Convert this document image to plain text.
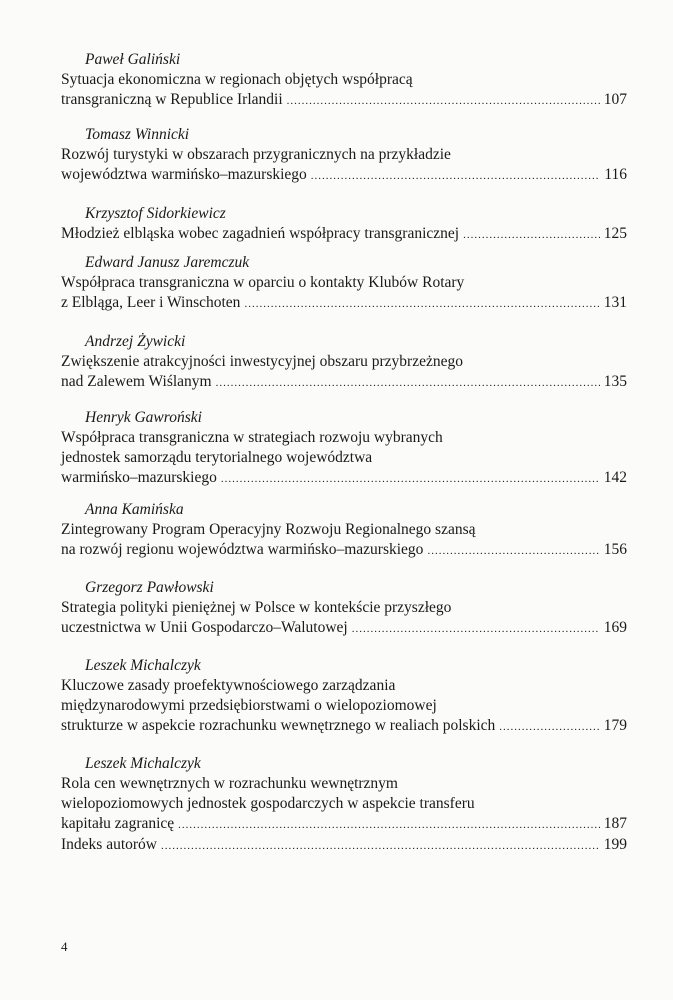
Paweł Galiński
Sytuacja ekonomiczna w regionach objętych współpracą
transgraniczną w Republice Irlandii .....	107
Tomasz Winnicki
Rozwój turystyki w obszarach przygranicznych na przykładzie
województwa warmińsko–mazurskiego .....	116
Krzysztof Sidorkiewicz
Młodzież elbląska wobec zagadnień współpracy transgranicznej .....	125
Edward Janusz Jaremczuk
Współpraca transgraniczna w oparciu o kontakty Klubów Rotary
z Elbląga, Leer i Winschoten .....	131
Andrzej Żywicki
Zwiększenie atrakcyjności inwestycyjnej obszaru przybrzeżnego
nad Zalewem Wiślanym .....	135
Henryk Gawroński
Współpraca transgraniczna w strategiach rozwoju wybranych
jednostek samorządu terytorialnego województwa
warmińsko–mazurskiego .....	142
Anna Kamińska
Zintegrowany Program Operacyjny Rozwoju Regionalnego szansą
na rozwój regionu województwa warmińsko–mazurskiego .....	156
Grzegorz Pawłowski
Strategia polityki pieniężnej w Polsce w kontekście przyszłego
uczestnictwa w Unii Gospodarczo–Walutowej .....	169
Leszek Michalczyk
Kluczowe zasady proefektywnościowego zarządzania
międzynarodowymi przedsiębiorstwami o wielopoziomowej
strukturze w aspekcie rozrachunku wewnętrznego w realiach polskich .....	179
Leszek Michalczyk
Rola cen wewnętrznych w rozrachunku wewnętrznym
wielopoziomowych jednostek gospodarczych w aspekcie transferu
kapitału zagranicę .....	187
Indeks autorów .....	199
4
